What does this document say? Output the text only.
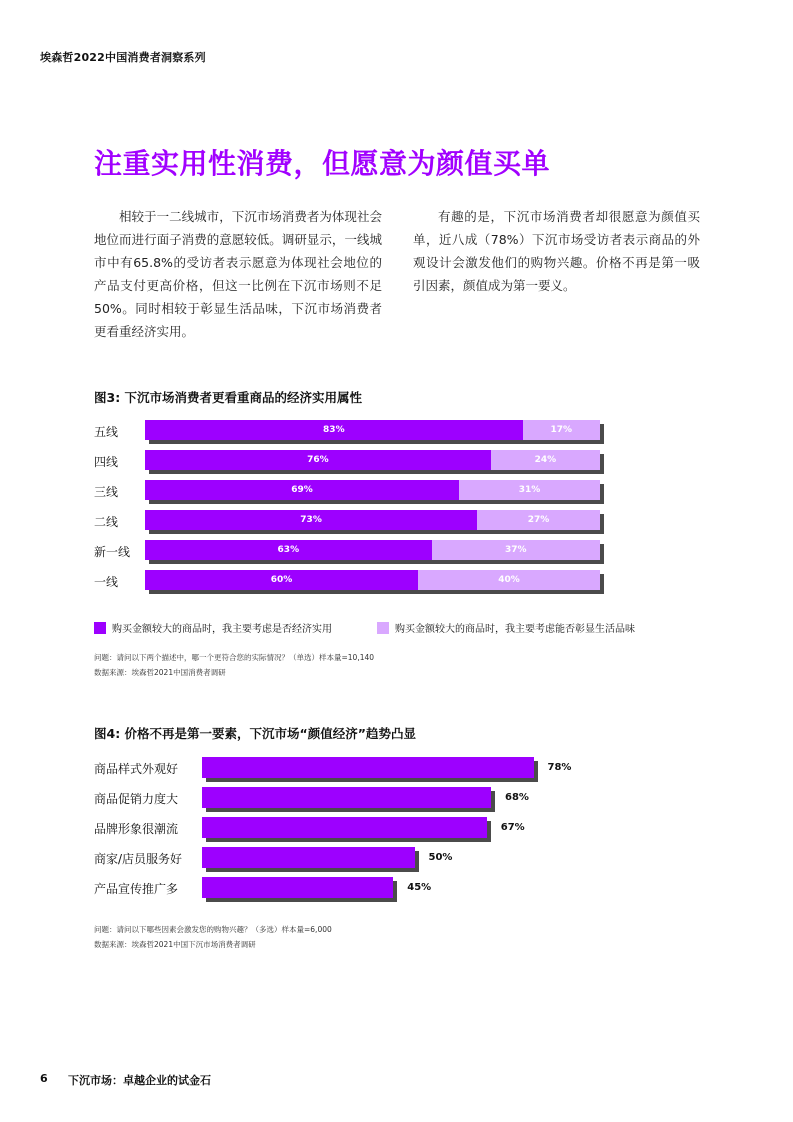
埃森哲2022中国消费者洞察系列
注重实用性消费，但愿意为颜值买单
相较于一二线城市，下沉市场消费者为体现社会地位而进行面子消费的意愿较低。调研显示，一线城市中有65.8%的受访者表示愿意为体现社会地位的产品支付更高价格，但这一比例在下沉市场则不足50%。同时相较于彰显生活品味，下沉市场消费者更看重经济实用。
有趣的是，下沉市场消费者却很愿意为颜值买单，近八成（78%）下沉市场受访者表示商品的外观设计会激发他们的购物兴趣。价格不再是第一吸引因素，颜值成为第一要义。
图3: 下沉市场消费者更看重商品的经济实用属性
五线	83%	17%
四线	76%	24%
三线	69%	31%
二线	73%	27%
新一线	63%	37%
一线	60%	40%
购买金额较大的商品时，我主要考虑是否经济实用	购买金额较大的商品时，我主要考虑能否彰显生活品味
问题：请问以下两个描述中，哪一个更符合您的实际情况？（单选）样本量=10,140
数据来源：埃森哲2021中国消费者调研
图4: 价格不再是第一要素，下沉市场“颜值经济”趋势凸显
商品样式外观好	78%
商品促销力度大	68%
品牌形象很潮流	67%
商家/店员服务好	50%
产品宣传推广多	45%
问题：请问以下哪些因素会激发您的购物兴趣？（多选）样本量=6,000
数据来源：埃森哲2021中国下沉市场消费者调研
6 下沉市场：卓越企业的试金石
